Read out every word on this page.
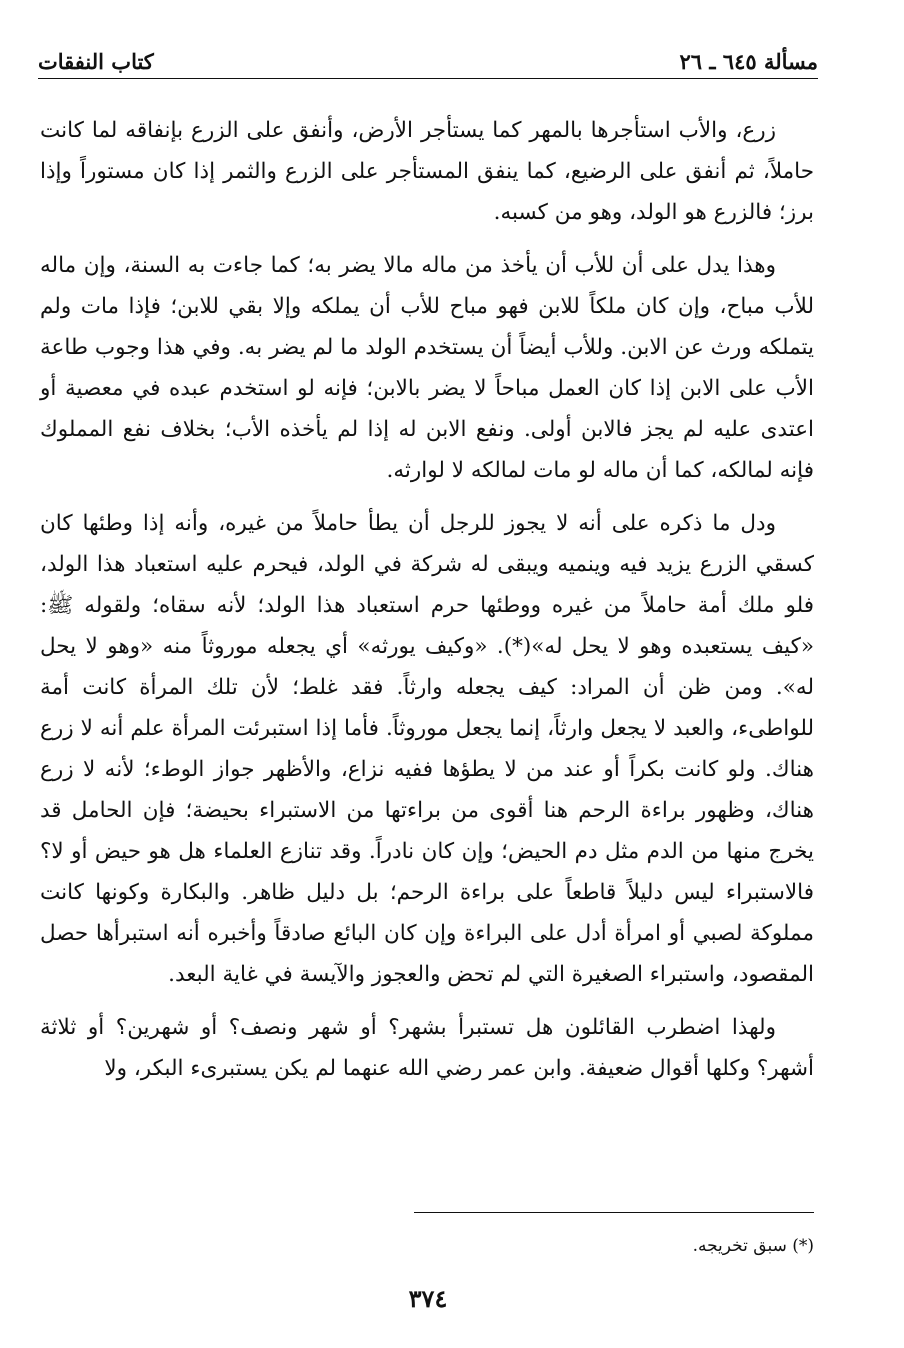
كتاب النفقات	مسألة ٦٤٥ ـ ٢٦

زرع، والأب استأجرها بالمهر كما يستأجر الأرض، وأنفق على الزرع بإنفاقه لما كانت حاملاً، ثم أنفق على الرضيع، كما ينفق المستأجر على الزرع والثمر إذا كان مستوراً وإذا برز؛ فالزرع هو الولد، وهو من كسبه.

وهذا يدل على أن للأب أن يأخذ من ماله مالا يضر به؛ كما جاءت به السنة، وإن ماله للأب مباح، وإن كان ملكاً للابن فهو مباح للأب أن يملكه وإلا بقي للابن؛ فإذا مات ولم يتملكه ورث عن الابن. وللأب أيضاً أن يستخدم الولد ما لم يضر به. وفي هذا وجوب طاعة الأب على الابن إذا كان العمل مباحاً لا يضر بالابن؛ فإنه لو استخدم عبده في معصية أو اعتدى عليه لم يجز فالابن أولى. ونفع الابن له إذا لم يأخذه الأب؛ بخلاف نفع المملوك فإنه لمالكه، كما أن ماله لو مات لمالكه لا لوارثه.

ودل ما ذكره على أنه لا يجوز للرجل أن يطأ حاملاً من غيره، وأنه إذا وطئها كان كسقي الزرع يزيد فيه وينميه ويبقى له شركة في الولد، فيحرم عليه استعباد هذا الولد، فلو ملك أمة حاملاً من غيره ووطئها حرم استعباد هذا الولد؛ لأنه سقاه؛ ولقوله ﷺ: «كيف يستعبده وهو لا يحل له»(*). «وكيف يورثه» أي يجعله موروثاً منه «وهو لا يحل له». ومن ظن أن المراد: كيف يجعله وارثاً. فقد غلط؛ لأن تلك المرأة كانت أمة للواطىء، والعبد لا يجعل وارثاً، إنما يجعل موروثاً. فأما إذا استبرئت المرأة علم أنه لا زرع هناك. ولو كانت بكراً أو عند من لا يطؤها ففيه نزاع، والأظهر جواز الوطء؛ لأنه لا زرع هناك، وظهور براءة الرحم هنا أقوى من براءتها من الاستبراء بحيضة؛ فإن الحامل قد يخرج منها من الدم مثل دم الحيض؛ وإن كان نادراً. وقد تنازع العلماء هل هو حيض أو لا؟ فالاستبراء ليس دليلاً قاطعاً على براءة الرحم؛ بل دليل ظاهر. والبكارة وكونها كانت مملوكة لصبي أو امرأة أدل على البراءة وإن كان البائع صادقاً وأخبره أنه استبرأها حصل المقصود، واستبراء الصغيرة التي لم تحض والعجوز والآيسة في غاية البعد.

ولهذا اضطرب القائلون هل تستبرأ بشهر؟ أو شهر ونصف؟ أو شهرين؟ أو ثلاثة أشهر؟ وكلها أقوال ضعيفة. وابن عمر رضي الله عنهما لم يكن يستبرىء البكر، ولا

(*) سبق تخريجه.
٣٧٤
